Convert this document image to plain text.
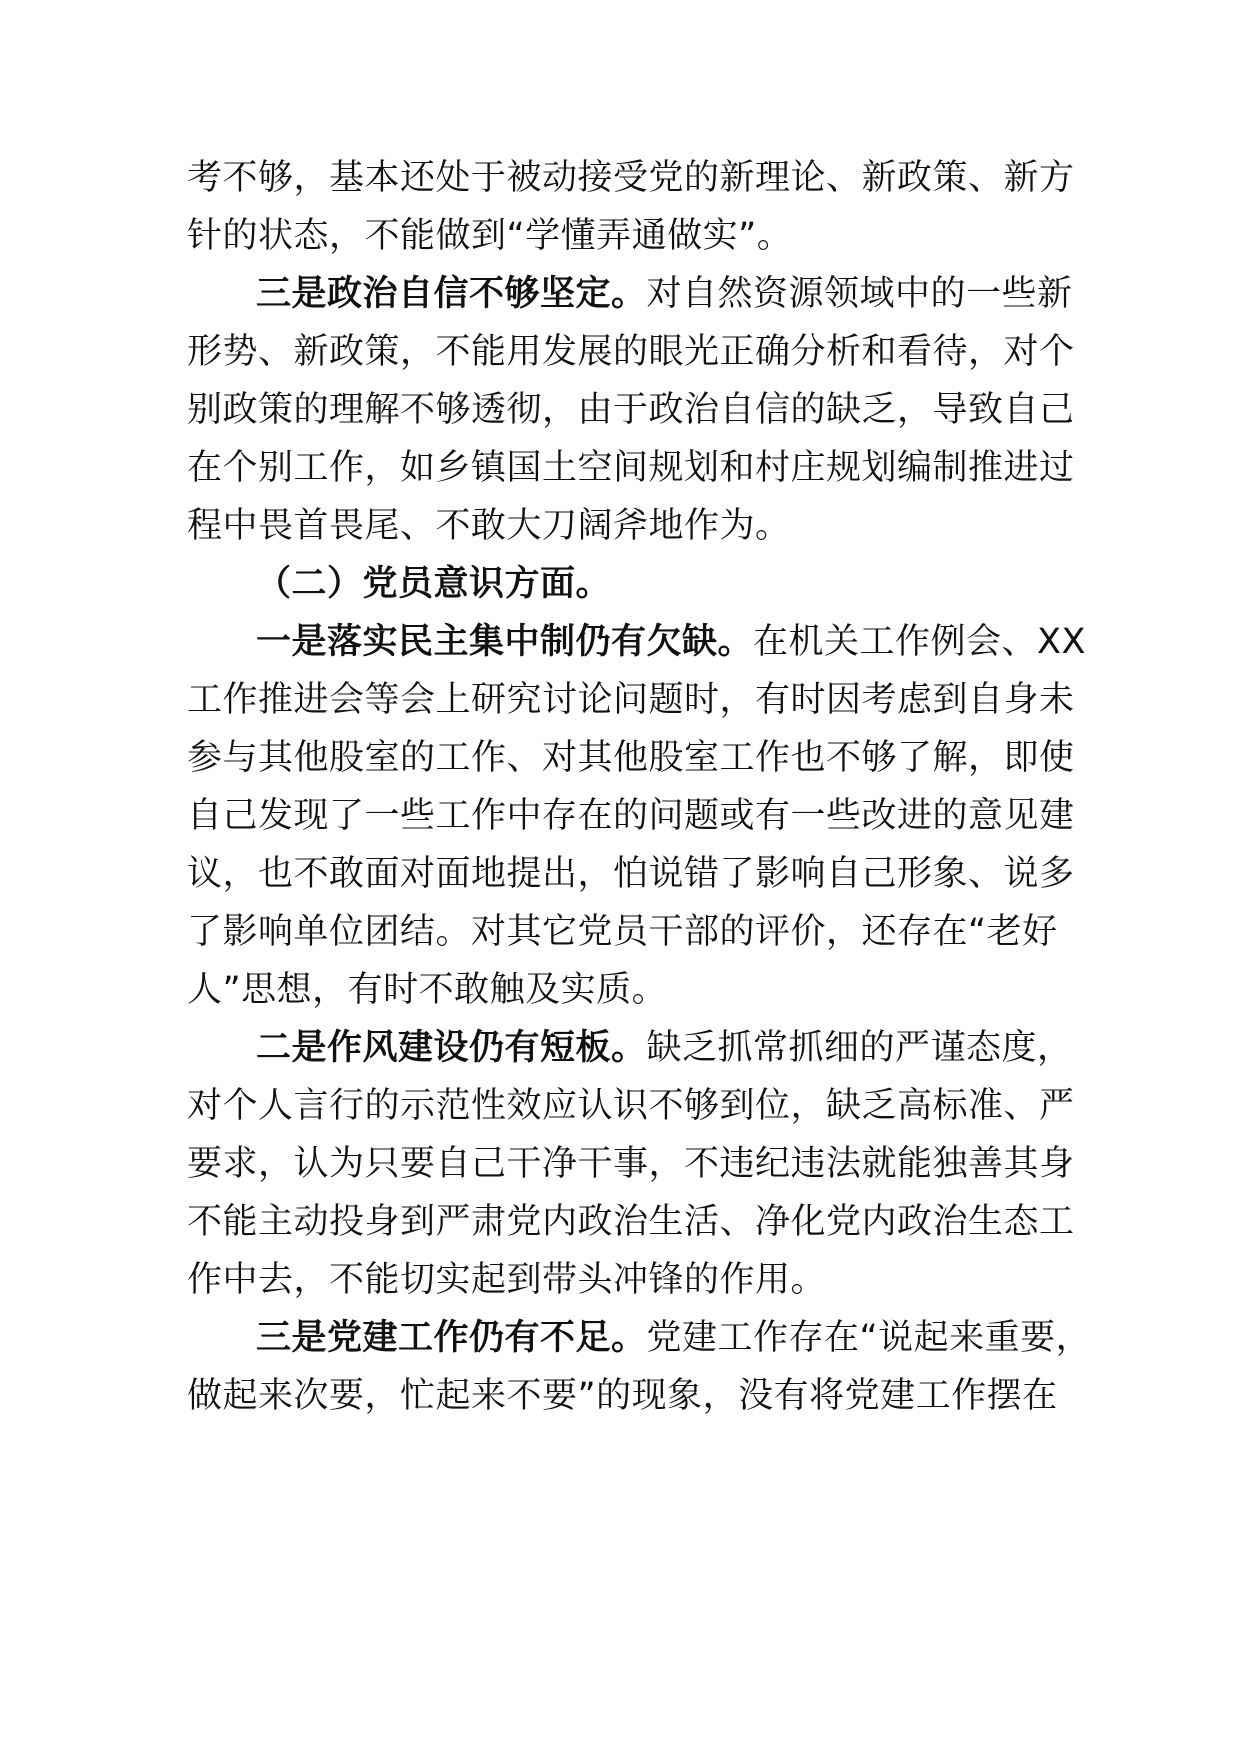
考不够，基本还处于被动接受党的新理论、新政策、新方
针的状态，不能做到“学懂弄通做实”。
三是政治自信不够坚定。对自然资源领域中的一些新
形势、新政策，不能用发展的眼光正确分析和看待，对个
别政策的理解不够透彻，由于政治自信的缺乏，导致自己
在个别工作，如乡镇国土空间规划和村庄规划编制推进过
程中畏首畏尾、不敢大刀阔斧地作为。
（二）党员意识方面。
一是落实民主集中制仍有欠缺。在机关工作例会、XX
工作推进会等会上研究讨论问题时，有时因考虑到自身未
参与其他股室的工作、对其他股室工作也不够了解，即使
自己发现了一些工作中存在的问题或有一些改进的意见建
议，也不敢面对面地提出，怕说错了影响自己形象、说多
了影响单位团结。对其它党员干部的评价，还存在“老好
人”思想，有时不敢触及实质。
二是作风建设仍有短板。缺乏抓常抓细的严谨态度，
对个人言行的示范性效应认识不够到位，缺乏高标准、严
要求，认为只要自己干净干事，不违纪违法就能独善其身
不能主动投身到严肃党内政治生活、净化党内政治生态工
作中去，不能切实起到带头冲锋的作用。
三是党建工作仍有不足。党建工作存在“说起来重要，
做起来次要，忙起来不要”的现象，没有将党建工作摆在
